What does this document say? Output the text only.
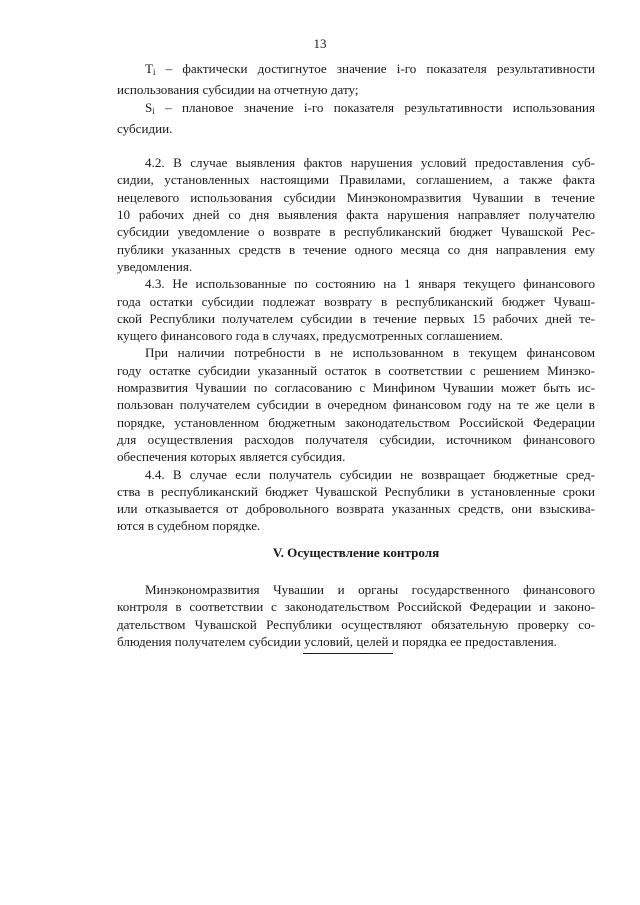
13
$T_i$ – фактически достигнутое значение i-го показателя результативности
использования субсидии на отчетную дату;
$S_i$ – плановое значение i-го показателя результативности использования
субсидии.
4.2. В случае выявления фактов нарушения условий предоставления суб-
сидии, установленных настоящими Правилами, соглашением, а также факта
нецелевого использования субсидии Минэкономразвития Чувашии в течение
10 рабочих дней со дня выявления факта нарушения направляет получателю
субсидии уведомление о возврате в республиканский бюджет Чувашской Рес-
публики указанных средств в течение одного месяца со дня направления ему
уведомления.
4.3. Не использованные по состоянию на 1 января текущего финансового
года остатки субсидии подлежат возврату в республиканский бюджет Чуваш-
ской Республики получателем субсидии в течение первых 15 рабочих дней те-
кущего финансового года в случаях, предусмотренных соглашением.
При наличии потребности в не использованном в текущем финансовом
году остатке субсидии указанный остаток в соответствии с решением Минэко-
номразвития Чувашии по согласованию с Минфином Чувашии может быть ис-
пользован получателем субсидии в очередном финансовом году на те же цели в
порядке, установленном бюджетным законодательством Российской Федерации
для осуществления расходов получателя субсидии, источником финансового
обеспечения которых является субсидия.
4.4. В случае если получатель субсидии не возвращает бюджетные сред-
ства в республиканский бюджет Чувашской Республики в установленные сроки
или отказывается от добровольного возврата указанных средств, они взыскива-
ются в судебном порядке.
V. Осуществление контроля
Минэкономразвития Чувашии и органы государственного финансового
контроля в соответствии с законодательством Российской Федерации и законо-
дательством Чувашской Республики осуществляют обязательную проверку со-
блюдения получателем субсидии условий, целей и порядка ее предоставления.
